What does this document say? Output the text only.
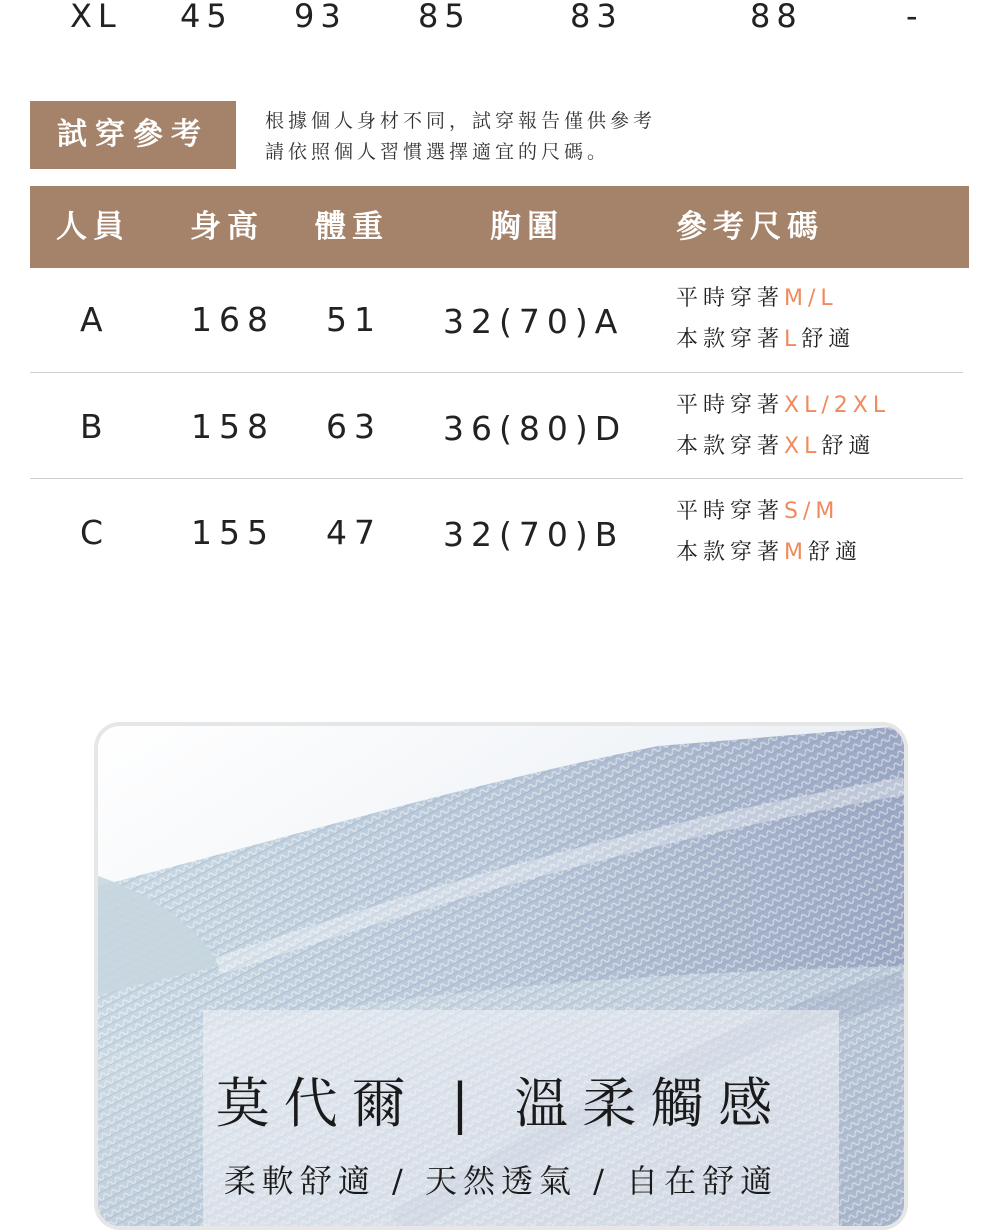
XL 45 93 85	83	88	-
試穿參考	根據個人身材不同，試穿報告僅供參考
請依照個人習慣選擇適宜的尺碼。
人員 身高 體重	胸圍	參考尺碼
A 168 51 32(70)A
平時穿著M/L
本款穿著L舒適
B 158 63 36(80)D
平時穿著XL/2XL
本款穿著XL舒適
C 155 47 32(70)B
平時穿著S/M
本款穿著M舒適
莫代爾 | 溫柔觸感
柔軟舒適 / 天然透氣 / 自在舒適
